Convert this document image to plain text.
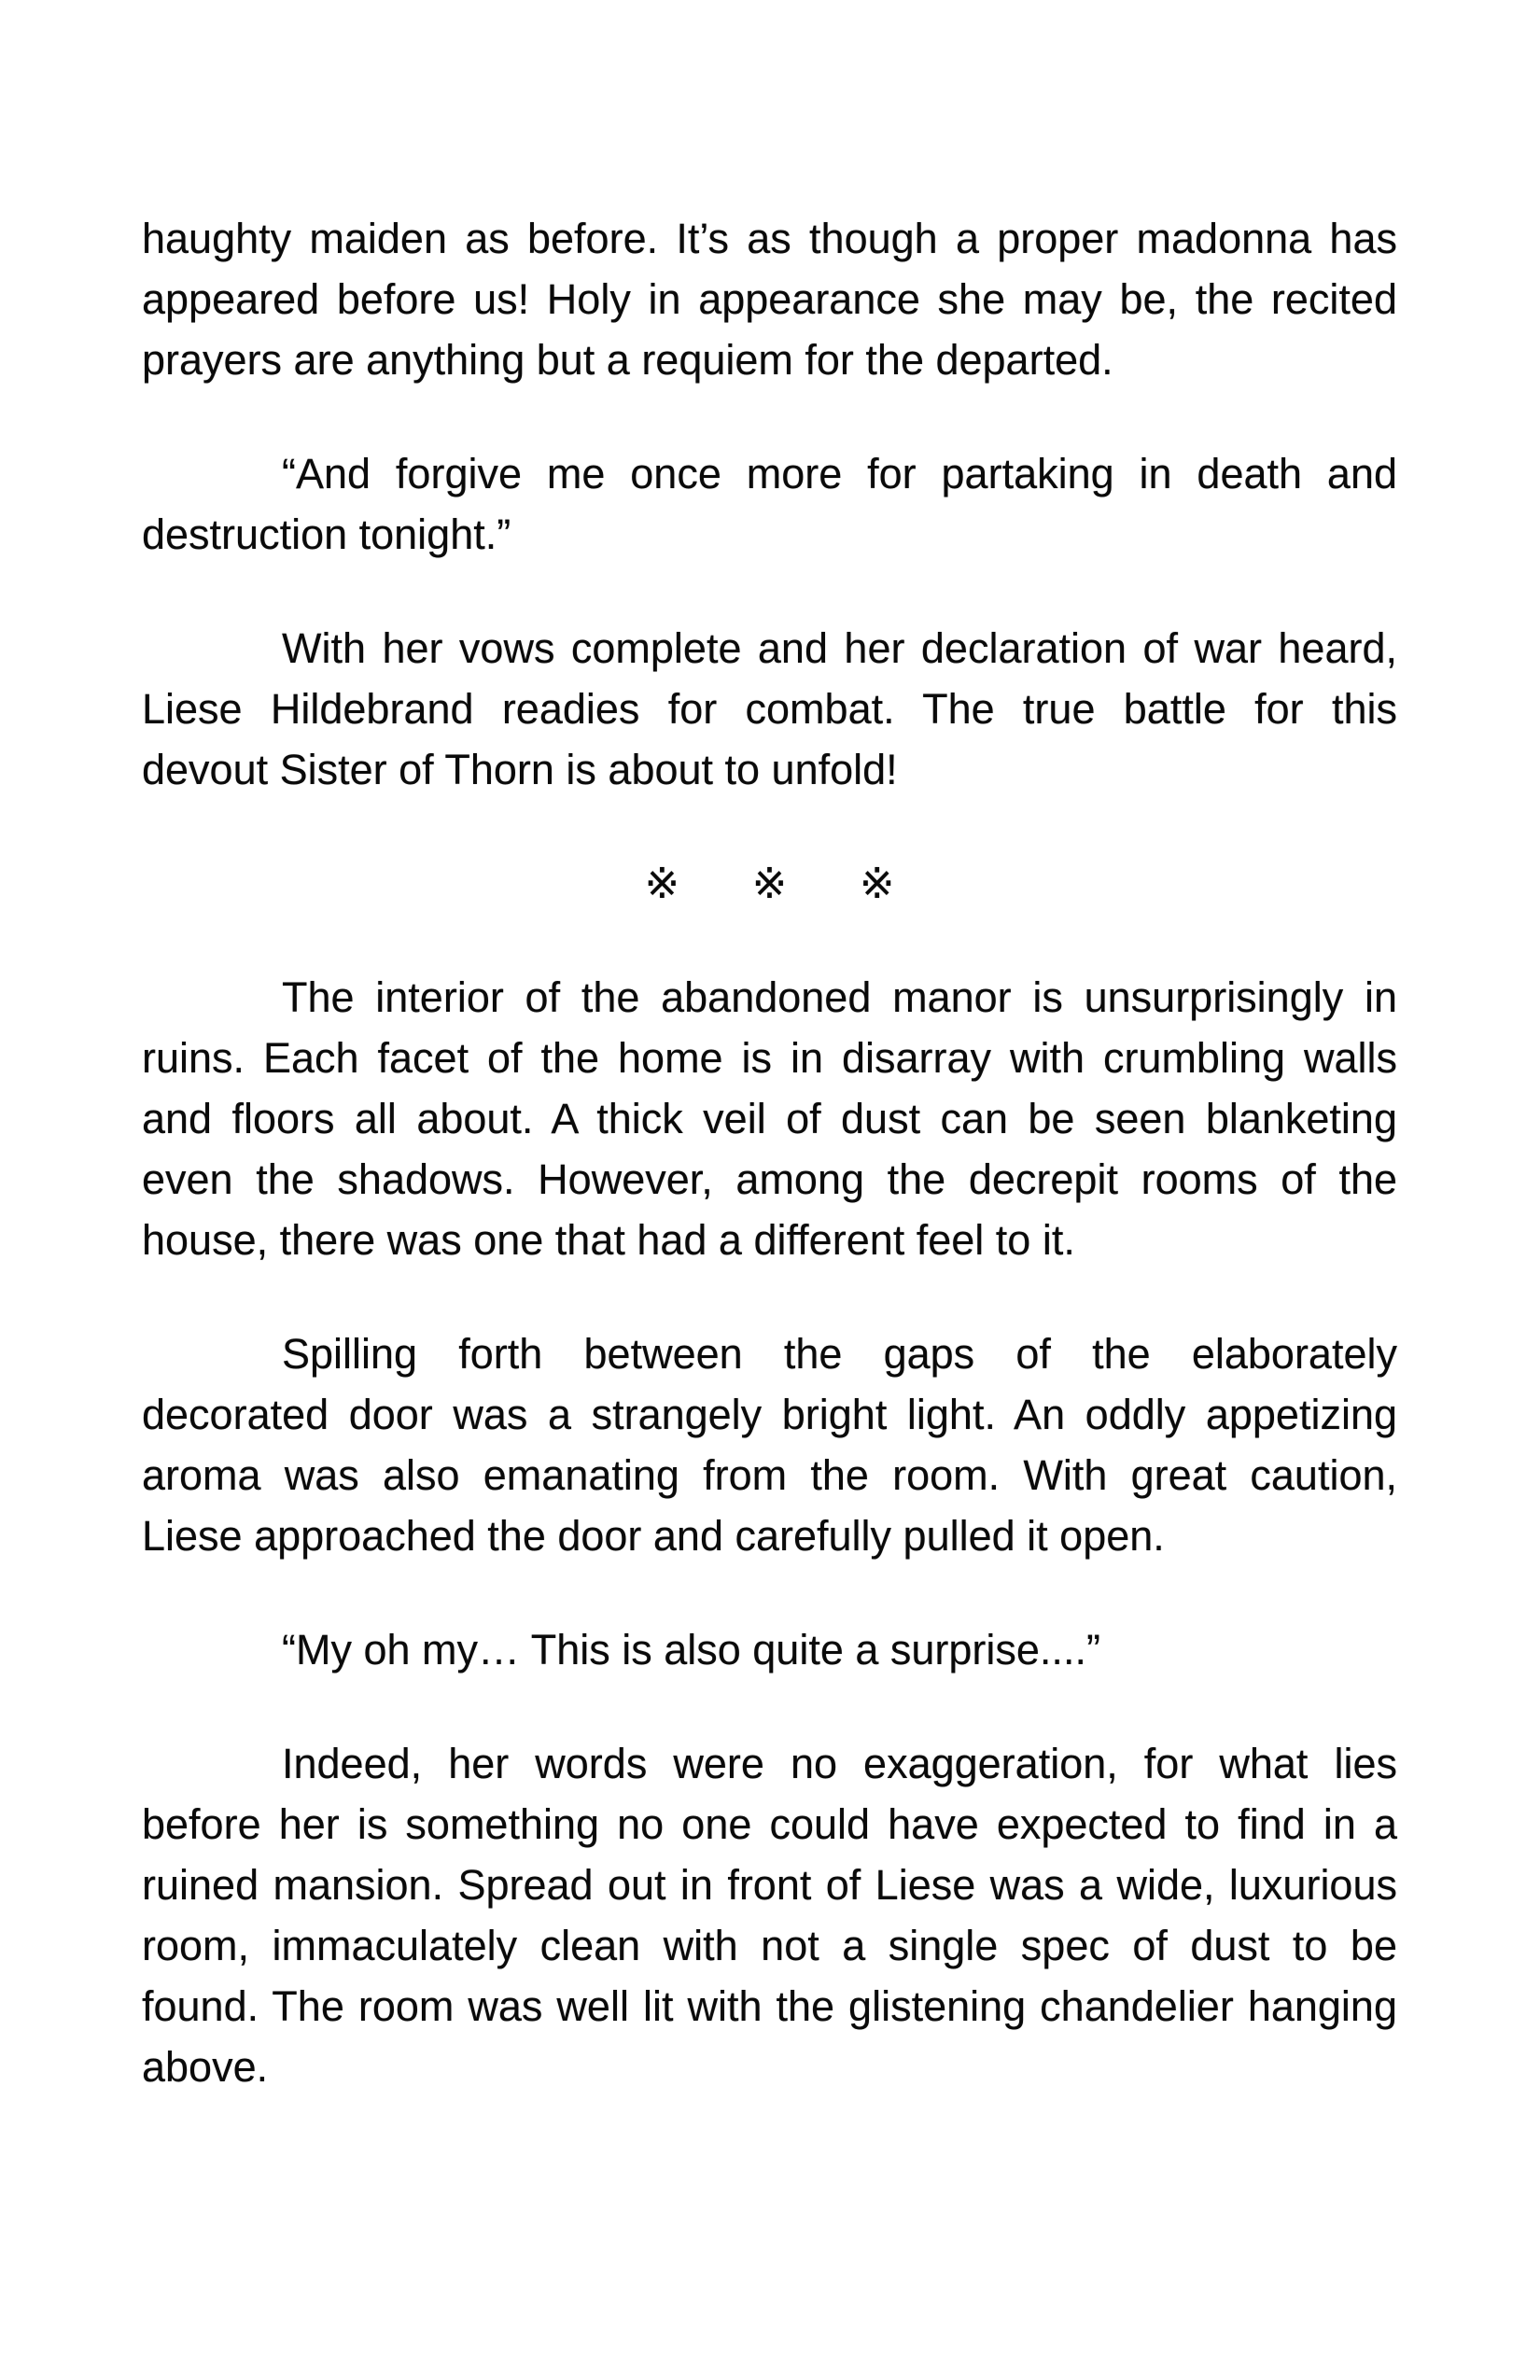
haughty maiden as before. It’s as though a proper madonna has
appeared before us! Holy in appearance she may be, the recited
prayers are anything but a requiem for the departed.
“And forgive me once more for partaking in death and
destruction tonight.”
With her vows complete and her declaration of war heard,
Liese Hildebrand readies for combat. The true battle for this
devout Sister of Thorn is about to unfold!
※ ※ ※
The interior of the abandoned manor is unsurprisingly in
ruins. Each facet of the home is in disarray with crumbling walls
and floors all about. A thick veil of dust can be seen blanketing
even the shadows. However, among the decrepit rooms of the
house, there was one that had a different feel to it.
Spilling forth between the gaps of the elaborately
decorated door was a strangely bright light. An oddly appetizing
aroma was also emanating from the room. With great caution,
Liese approached the door and carefully pulled it open.
“My oh my… This is also quite a surprise....”
Indeed, her words were no exaggeration, for what lies
before her is something no one could have expected to find in a
ruined mansion. Spread out in front of Liese was a wide, luxurious
room, immaculately clean with not a single spec of dust to be
found. The room was well lit with the glistening chandelier hanging
above.
